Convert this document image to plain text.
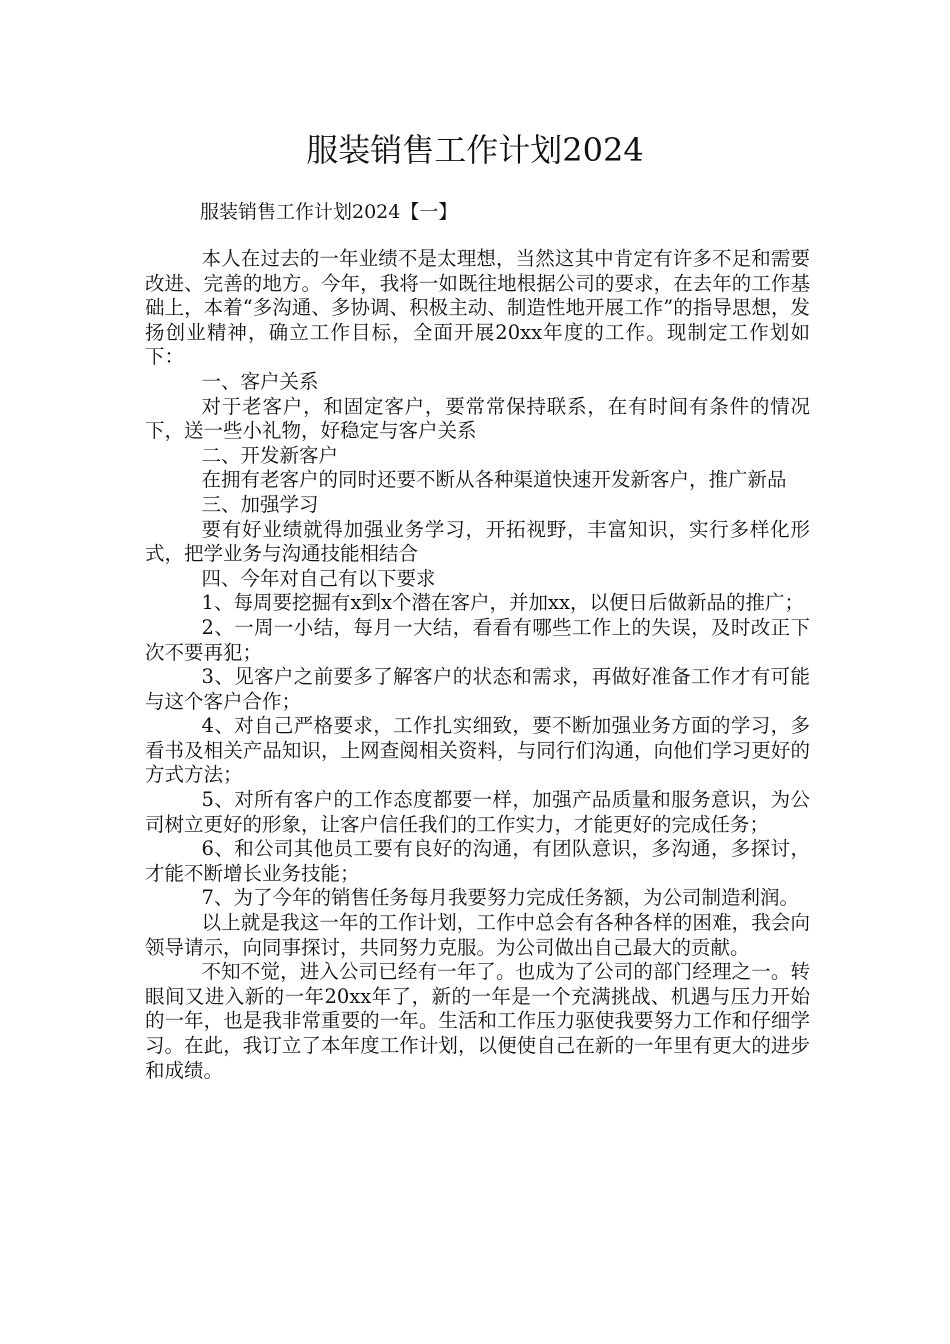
服装销售工作计划2024
服装销售工作计划2024【一】

本人在过去的一年业绩不是太理想，当然这其中肯定有许多不足和需要改进、完善的地方。今年，我将一如既往地根据公司的要求，在去年的工作基础上，本着“多沟通、多协调、积极主动、制造性地开展工作”的指导思想，发扬创业精神，确立工作目标，全面开展20xx年度的工作。现制定工作划如下：

一、客户关系

对于老客户，和固定客户，要常常保持联系，在有时间有条件的情况下，送一些小礼物，好稳定与客户关系

二、开发新客户

在拥有老客户的同时还要不断从各种渠道快速开发新客户，推广新品

三、加强学习

要有好业绩就得加强业务学习，开拓视野，丰富知识，实行多样化形式，把学业务与沟通技能相结合

四、今年对自己有以下要求

1、每周要挖掘有x到x个潜在客户，并加xx，以便日后做新品的推广；

2、一周一小结，每月一大结，看看有哪些工作上的失误，及时改正下次不要再犯；

3、见客户之前要多了解客户的状态和需求，再做好准备工作才有可能与这个客户合作；

4、对自己严格要求，工作扎实细致，要不断加强业务方面的学习，多看书及相关产品知识，上网查阅相关资料，与同行们沟通，向他们学习更好的方式方法；

5、对所有客户的工作态度都要一样，加强产品质量和服务意识，为公司树立更好的形象，让客户信任我们的工作实力，才能更好的完成任务；

6、和公司其他员工要有良好的沟通，有团队意识，多沟通，多探讨，才能不断增长业务技能；

7、为了今年的销售任务每月我要努力完成任务额，为公司制造利润。

以上就是我这一年的工作计划，工作中总会有各种各样的困难，我会向领导请示，向同事探讨，共同努力克服。为公司做出自己最大的贡献。

不知不觉，进入公司已经有一年了。也成为了公司的部门经理之一。转眼间又进入新的一年20xx年了，新的一年是一个充满挑战、机遇与压力开始的一年，也是我非常重要的一年。生活和工作压力驱使我要努力工作和仔细学习。在此，我订立了本年度工作计划，以便使自己在新的一年里有更大的进步和成绩。
